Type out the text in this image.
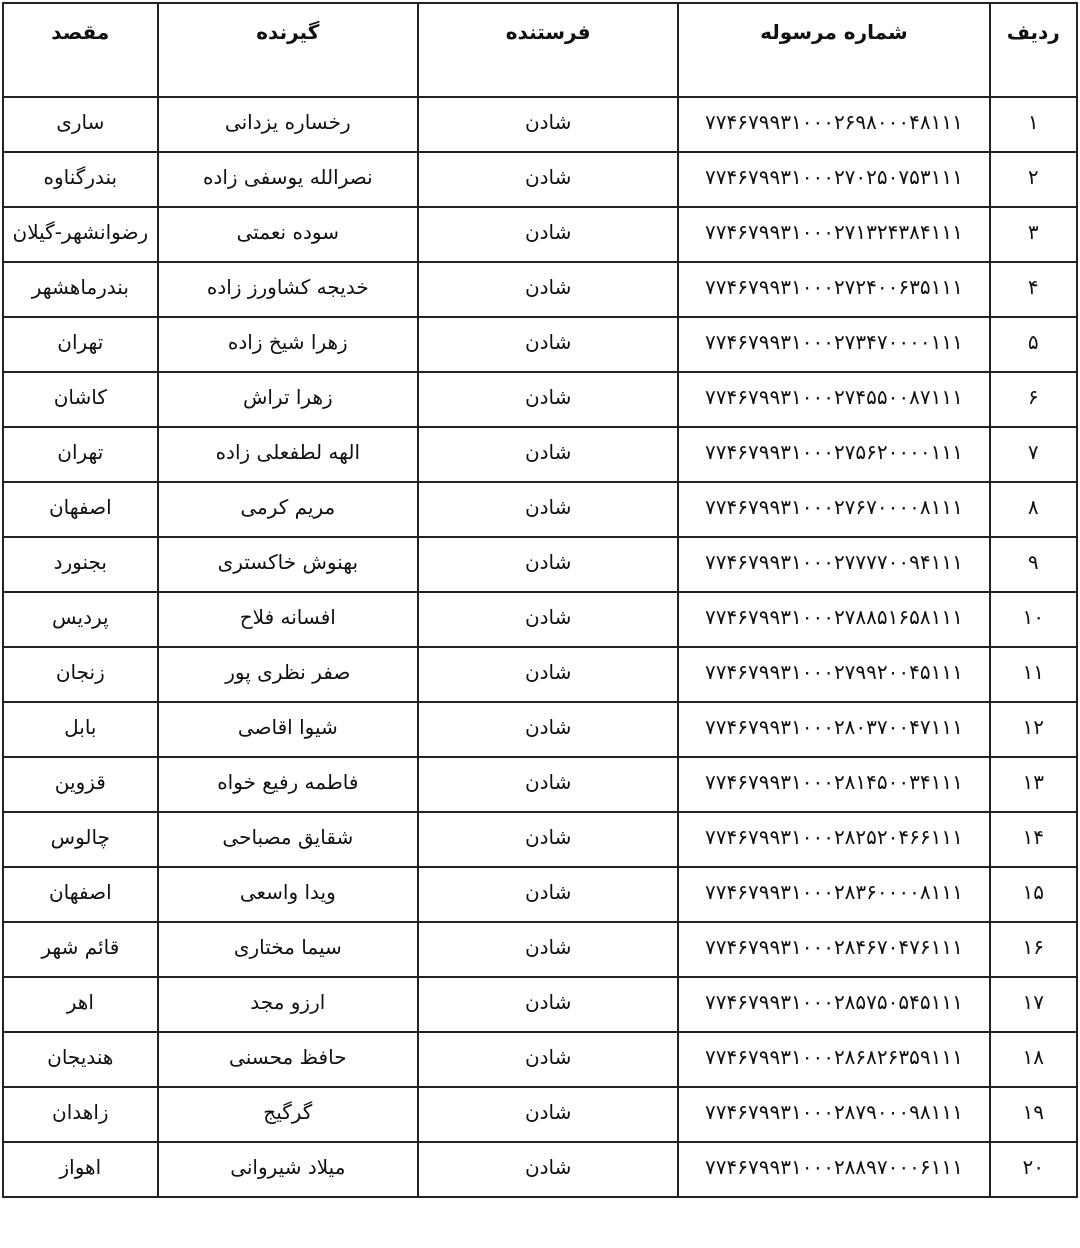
ردیف	شماره مرسوله	فرستنده	گیرنده	مقصد
۱	۷۷۴۶۷۹۹۳۱۰۰۰۲۶۹۸۰۰۰۴۸۱۱۱	شادن	رخساره یزدانی	ساری
۲	۷۷۴۶۷۹۹۳۱۰۰۰۲۷۰۲۵۰۷۵۳۱۱۱	شادن	نصرالله یوسفی زاده	بندرگناوه
۳	۷۷۴۶۷۹۹۳۱۰۰۰۲۷۱۳۲۴۳۸۴۱۱۱	شادن	سوده نعمتی	رضوانشهر-گیلان
۴	۷۷۴۶۷۹۹۳۱۰۰۰۲۷۲۴۰۰۶۳۵۱۱۱	شادن	خدیجه کشاورز زاده	بندرماهشهر
۵	۷۷۴۶۷۹۹۳۱۰۰۰۲۷۳۴۷۰۰۰۰۱۱۱	شادن	زهرا شیخ زاده	تهران
۶	۷۷۴۶۷۹۹۳۱۰۰۰۲۷۴۵۵۰۰۸۷۱۱۱	شادن	زهرا تراش	کاشان
۷	۷۷۴۶۷۹۹۳۱۰۰۰۲۷۵۶۲۰۰۰۰۱۱۱	شادن	الهه لطفعلی زاده	تهران
۸	۷۷۴۶۷۹۹۳۱۰۰۰۲۷۶۷۰۰۰۰۸۱۱۱	شادن	مریم کرمی	اصفهان
۹	۷۷۴۶۷۹۹۳۱۰۰۰۲۷۷۷۷۰۰۹۴۱۱۱	شادن	بهنوش خاکستری	بجنورد
۱۰	۷۷۴۶۷۹۹۳۱۰۰۰۲۷۸۸۵۱۶۵۸۱۱۱	شادن	افسانه فلاح	پردیس
۱۱	۷۷۴۶۷۹۹۳۱۰۰۰۲۷۹۹۲۰۰۴۵۱۱۱	شادن	صفر نظری پور	زنجان
۱۲	۷۷۴۶۷۹۹۳۱۰۰۰۲۸۰۳۷۰۰۴۷۱۱۱	شادن	شیوا اقاصی	بابل
۱۳	۷۷۴۶۷۹۹۳۱۰۰۰۲۸۱۴۵۰۰۳۴۱۱۱	شادن	فاطمه رفیع خواه	قزوین
۱۴	۷۷۴۶۷۹۹۳۱۰۰۰۲۸۲۵۲۰۴۶۶۱۱۱	شادن	شقایق مصباحی	چالوس
۱۵	۷۷۴۶۷۹۹۳۱۰۰۰۲۸۳۶۰۰۰۰۸۱۱۱	شادن	ویدا واسعی	اصفهان
۱۶	۷۷۴۶۷۹۹۳۱۰۰۰۲۸۴۶۷۰۴۷۶۱۱۱	شادن	سیما مختاری	قائم شهر
۱۷	۷۷۴۶۷۹۹۳۱۰۰۰۲۸۵۷۵۰۵۴۵۱۱۱	شادن	ارزو مجد	اهر
۱۸	۷۷۴۶۷۹۹۳۱۰۰۰۲۸۶۸۲۶۳۵۹۱۱۱	شادن	حافظ محسنی	هندیجان
۱۹	۷۷۴۶۷۹۹۳۱۰۰۰۲۸۷۹۰۰۰۹۸۱۱۱	شادن	گرگیج	زاهدان
۲۰	۷۷۴۶۷۹۹۳۱۰۰۰۲۸۸۹۷۰۰۰۶۱۱۱	شادن	میلاد شیروانی	اهواز
